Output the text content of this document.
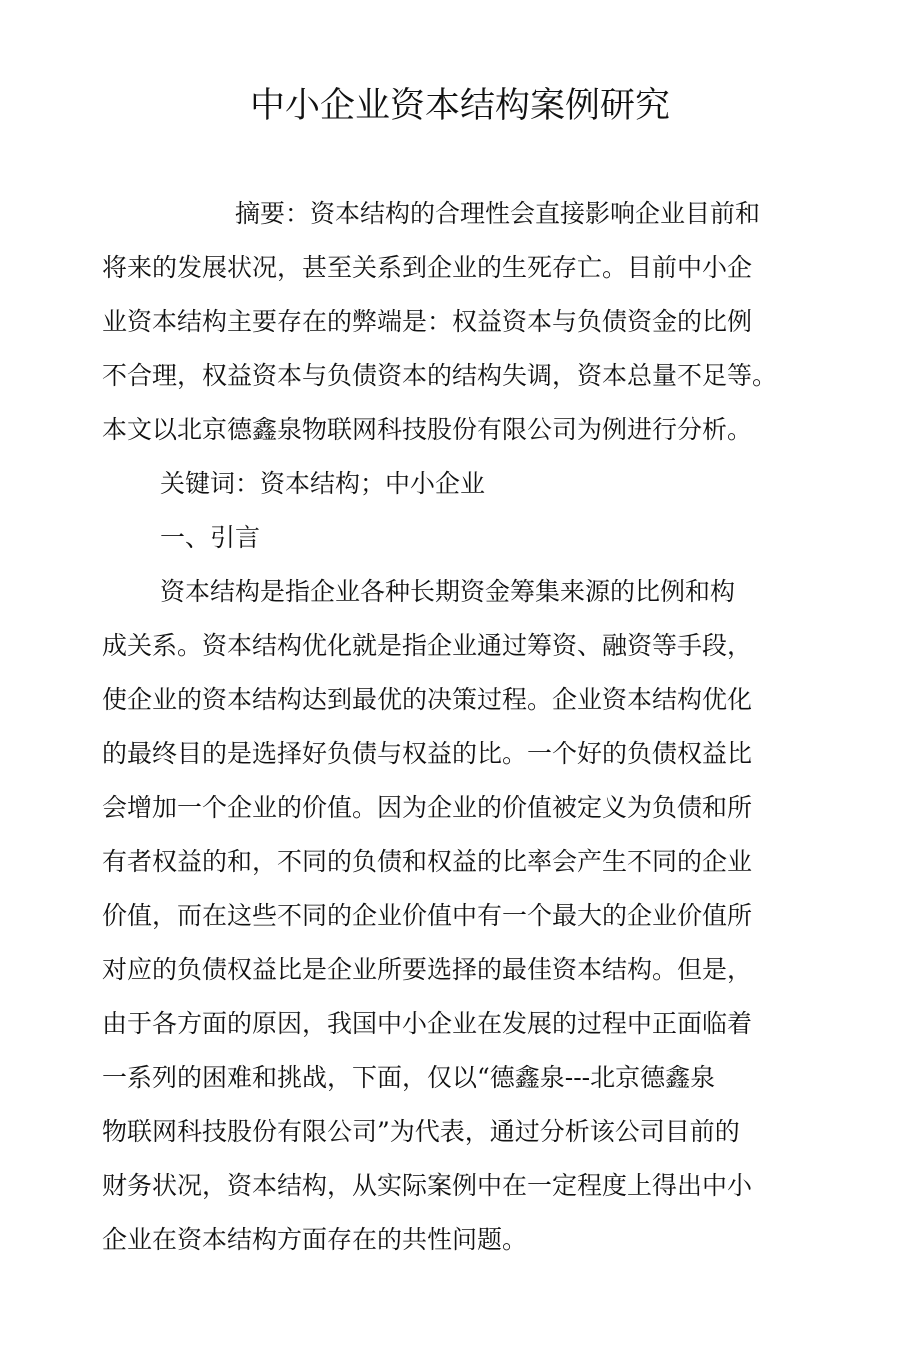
中小企业资本结构案例研究
摘要：资本结构的合理性会直接影响企业目前和
将来的发展状况，甚至关系到企业的生死存亡。目前中小企
业资本结构主要存在的弊端是：权益资本与负债资金的比例
不合理，权益资本与负债资本的结构失调，资本总量不足等。
本文以北京德鑫泉物联网科技股份有限公司为例进行分析。
关键词：资本结构；中小企业
一、引言
资本结构是指企业各种长期资金筹集来源的比例和构
成关系。资本结构优化就是指企业通过筹资、融资等手段，
使企业的资本结构达到最优的决策过程。企业资本结构优化
的最终目的是选择好负债与权益的比。一个好的负债权益比
会增加一个企业的价值。因为企业的价值被定义为负债和所
有者权益的和，不同的负债和权益的比率会产生不同的企业
价值，而在这些不同的企业价值中有一个最大的企业价值所
对应的负债权益比是企业所要选择的最佳资本结构。但是，
由于各方面的原因，我国中小企业在发展的过程中正面临着
一系列的困难和挑战，下面，仅以“德鑫泉---北京德鑫泉
物联网科技股份有限公司”为代表，通过分析该公司目前的
财务状况，资本结构，从实际案例中在一定程度上得出中小
企业在资本结构方面存在的共性问题。
